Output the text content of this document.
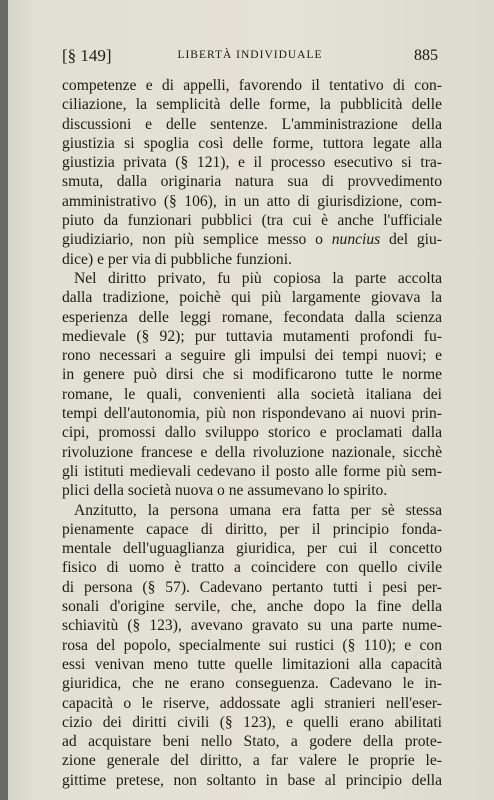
[§ 149]	LIBERTÀ INDIVIDUALE	885
competenze e di appelli, favorendo il tentativo di con-
ciliazione, la semplicità delle forme, la pubblicità delle
discussioni e delle sentenze. L'amministrazione della
giustizia si spoglia così delle forme, tuttora legate alla
giustizia privata (§ 121), e il processo esecutivo si tra-
smuta, dalla originaria natura sua di provvedimento
amministrativo (§ 106), in un atto di giurisdizione, com-
piuto da funzionari pubblici (tra cui è anche l'ufficiale
giudiziario, non più semplice messo o nuncius del giu-
dice) e per via di pubbliche funzioni.
Nel diritto privato, fu più copiosa la parte accolta
dalla tradizione, poichè qui più largamente giovava la
esperienza delle leggi romane, fecondata dalla scienza
medievale (§ 92); pur tuttavia mutamenti profondi fu-
rono necessari a seguire gli impulsi dei tempi nuovi; e
in genere può dirsi che si modificarono tutte le norme
romane, le quali, convenienti alla società italiana dei
tempi dell'autonomia, più non rispondevano ai nuovi prin-
cipi, promossi dallo sviluppo storico e proclamati dalla
rivoluzione francese e della rivoluzione nazionale, sicchè
gli istituti medievali cedevano il posto alle forme più sem-
plici della società nuova o ne assumevano lo spirito.
Anzitutto, la persona umana era fatta per sè stessa
pienamente capace di diritto, per il principio fonda-
mentale dell'uguaglianza giuridica, per cui il concetto
fisico di uomo è tratto a coincidere con quello civile
di persona (§ 57). Cadevano pertanto tutti i pesi per-
sonali d'origine servile, che, anche dopo la fine della
schiavitù (§ 123), avevano gravato su una parte nume-
rosa del popolo, specialmente sui rustici (§ 110); e con
essi venivan meno tutte quelle limitazioni alla capacità
giuridica, che ne erano conseguenza. Cadevano le in-
capacità o le riserve, addossate agli stranieri nell'eser-
cizio dei diritti civili (§ 123), e quelli erano abilitati
ad acquistare beni nello Stato, a godere della prote-
zione generale del diritto, a far valere le proprie le-
gittime pretese, non soltanto in base al principio della
